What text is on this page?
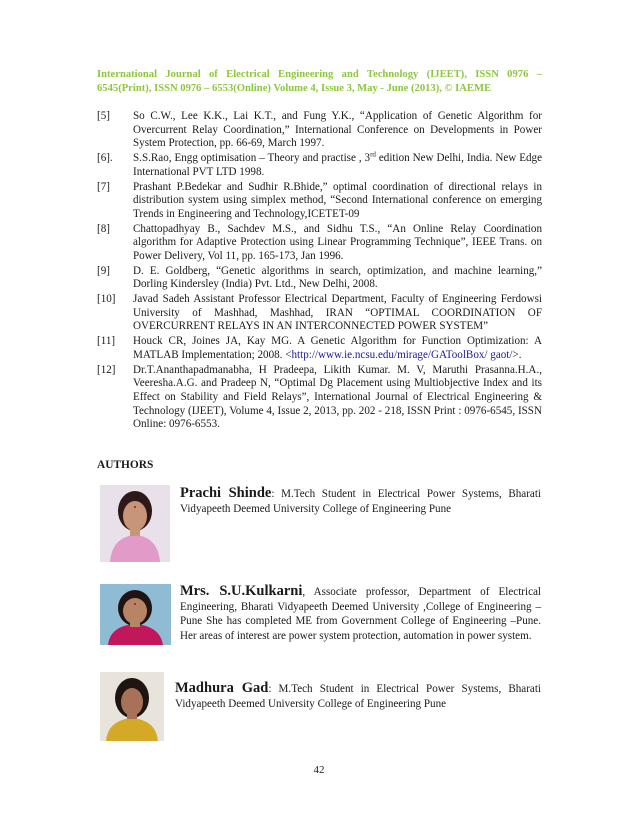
International Journal of Electrical Engineering and Technology (IJEET), ISSN 0976 – 6545(Print), ISSN 0976 – 6553(Online) Volume 4, Issue 3, May - June (2013), © IAEME
[5]	So C.W., Lee K.K., Lai K.T., and Fung Y.K., “Application of Genetic Algorithm for Overcurrent Relay Coordination,” International Conference on Developments in Power System Protection, pp. 66-69, March 1997.
[6].	S.S.Rao, Engg optimisation – Theory and practise , 3rd edition New Delhi, India. New Edge International PVT LTD 1998.
[7]	Prashant P.Bedekar and Sudhir R.Bhide,” optimal coordination of directional relays in distribution system using simplex method, “Second International conference on emerging Trends in Engineering and Technology,ICETET-09
[8]	Chattopadhyay B., Sachdev M.S., and Sidhu T.S., “An Online Relay Coordination algorithm for Adaptive Protection using Linear Programming Technique”, IEEE Trans. on Power Delivery, Vol 11, pp. 165-173, Jan 1996.
[9]	D. E. Goldberg, “Genetic algorithms in search, optimization, and machine learning,” Dorling Kindersley (India) Pvt. Ltd., New Delhi, 2008.
[10]	Javad Sadeh Assistant Professor Electrical Department, Faculty of Engineering Ferdowsi University of Mashhad, Mashhad, IRAN “OPTIMAL COORDINATION OF OVERCURRENT RELAYS IN AN INTERCONNECTED POWER SYSTEM”
[11]	Houck CR, Joines JA, Kay MG. A Genetic Algorithm for Function Optimization: A MATLAB Implementation; 2008. <http://www.ie.ncsu.edu/mirage/GAToolBox/ gaot/>.
[12]	Dr.T.Ananthapadmanabha, H Pradeepa, Likith Kumar. M. V, Maruthi Prasanna.H.A., Veeresha.A.G. and Pradeep N, “Optimal Dg Placement using Multiobjective Index and its Effect on Stability and Field Relays”, International Journal of Electrical Engineering & Technology (IJEET), Volume 4, Issue 2, 2013, pp. 202 - 218, ISSN Print : 0976-6545, ISSN Online: 0976-6553.
AUTHORS
Prachi Shinde: M.Tech Student in Electrical Power Systems, Bharati Vidyapeeth Deemed University College of Engineering Pune
Mrs. S.U.Kulkarni, Associate professor, Department of Electrical Engineering, Bharati Vidyapeeth Deemed University ,College of Engineering –Pune She has completed ME from Government College of Engineering –Pune. Her areas of interest are power system protection, automation in power system.
Madhura Gad: M.Tech Student in Electrical Power Systems, Bharati Vidyapeeth Deemed University College of Engineering Pune
42
